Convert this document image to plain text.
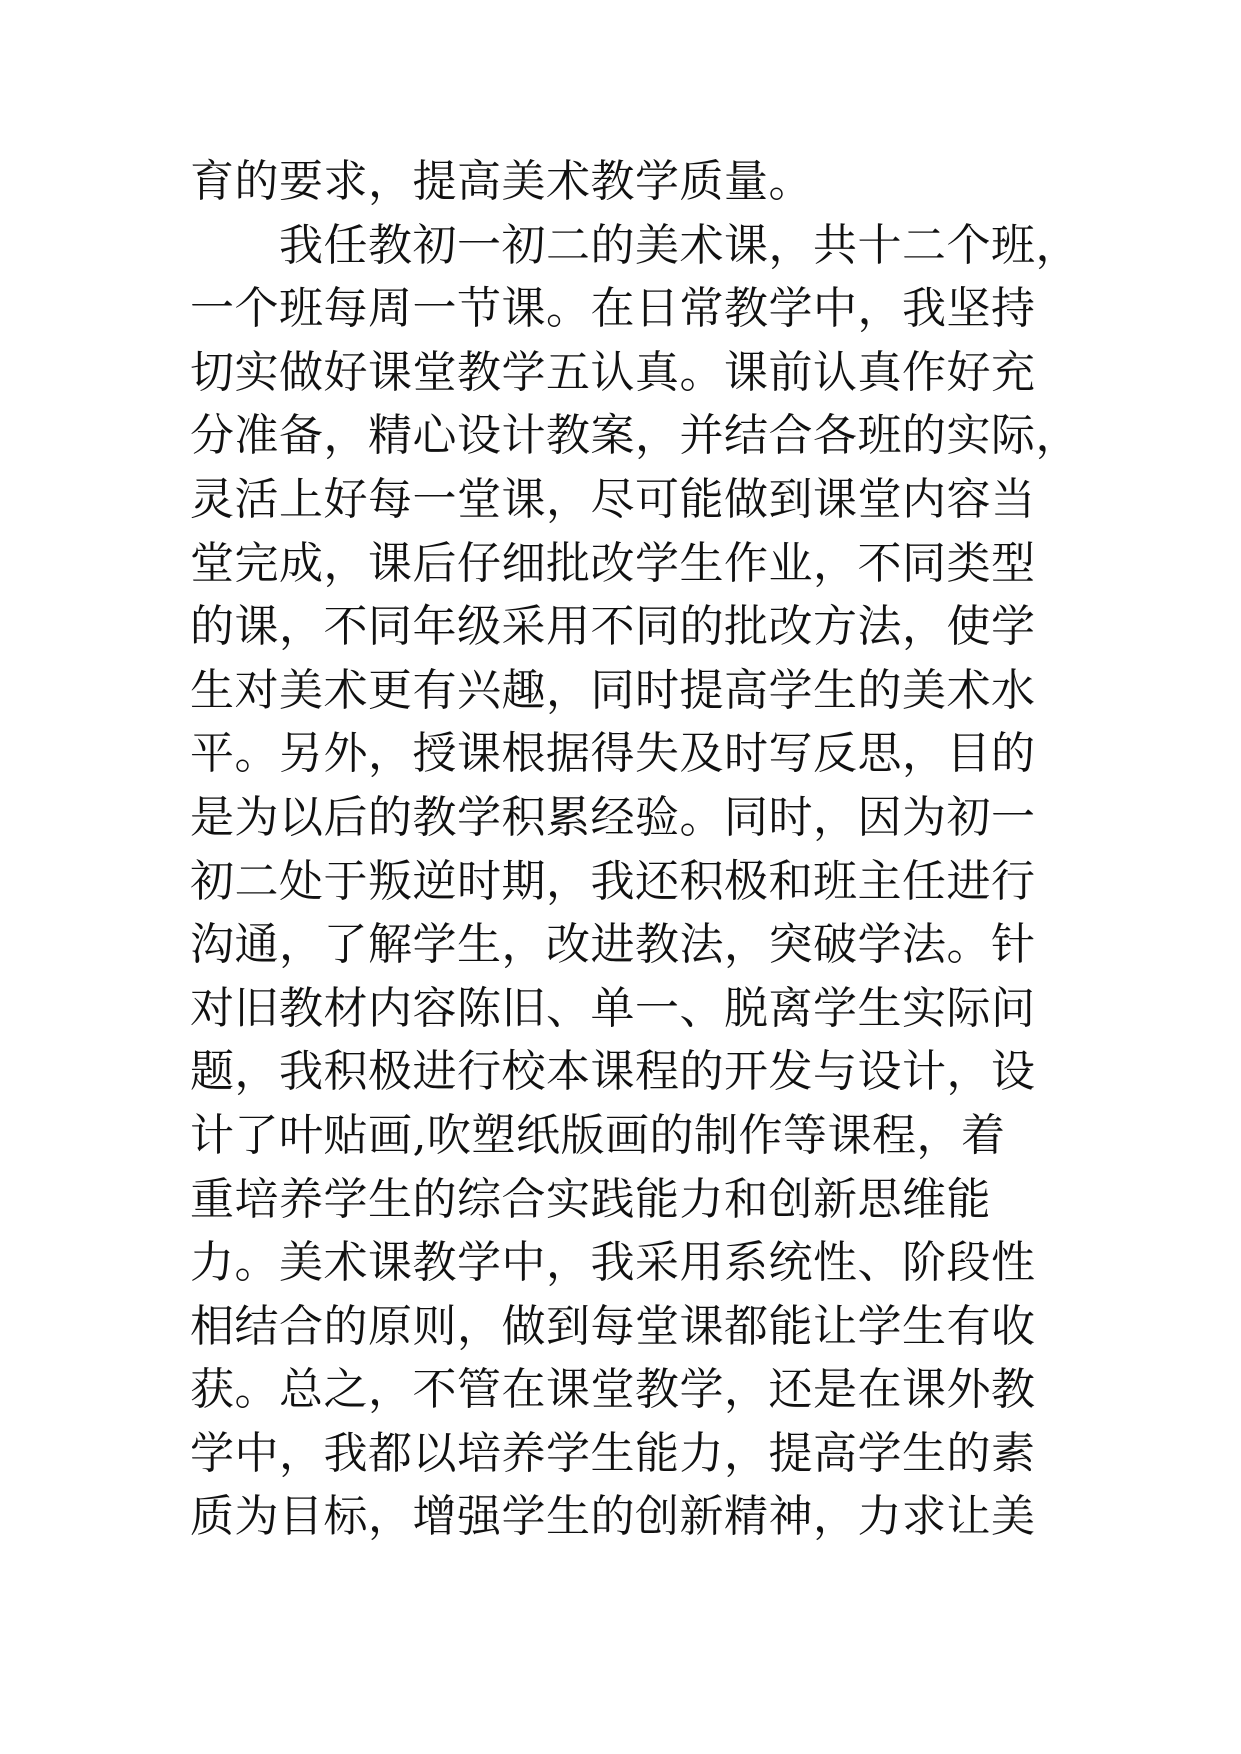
育的要求，提高美术教学质量。
　　我任教初一初二的美术课，共十二个班，
一个班每周一节课。在日常教学中，我坚持
切实做好课堂教学五认真。课前认真作好充
分准备，精心设计教案，并结合各班的实际，
灵活上好每一堂课，尽可能做到课堂内容当
堂完成，课后仔细批改学生作业，不同类型
的课，不同年级采用不同的批改方法，使学
生对美术更有兴趣，同时提高学生的美术水
平。另外，授课根据得失及时写反思，目的
是为以后的教学积累经验。同时，因为初一
初二处于叛逆时期，我还积极和班主任进行
沟通，了解学生，改进教法，突破学法。针
对旧教材内容陈旧、单一、脱离学生实际问
题，我积极进行校本课程的开发与设计，设
计了叶贴画,吹塑纸版画的制作等课程，着
重培养学生的综合实践能力和创新思维能
力。美术课教学中，我采用系统性、阶段性
相结合的原则，做到每堂课都能让学生有收
获。总之，不管在课堂教学，还是在课外教
学中，我都以培养学生能力，提高学生的素
质为目标，增强学生的创新精神，力求让美
